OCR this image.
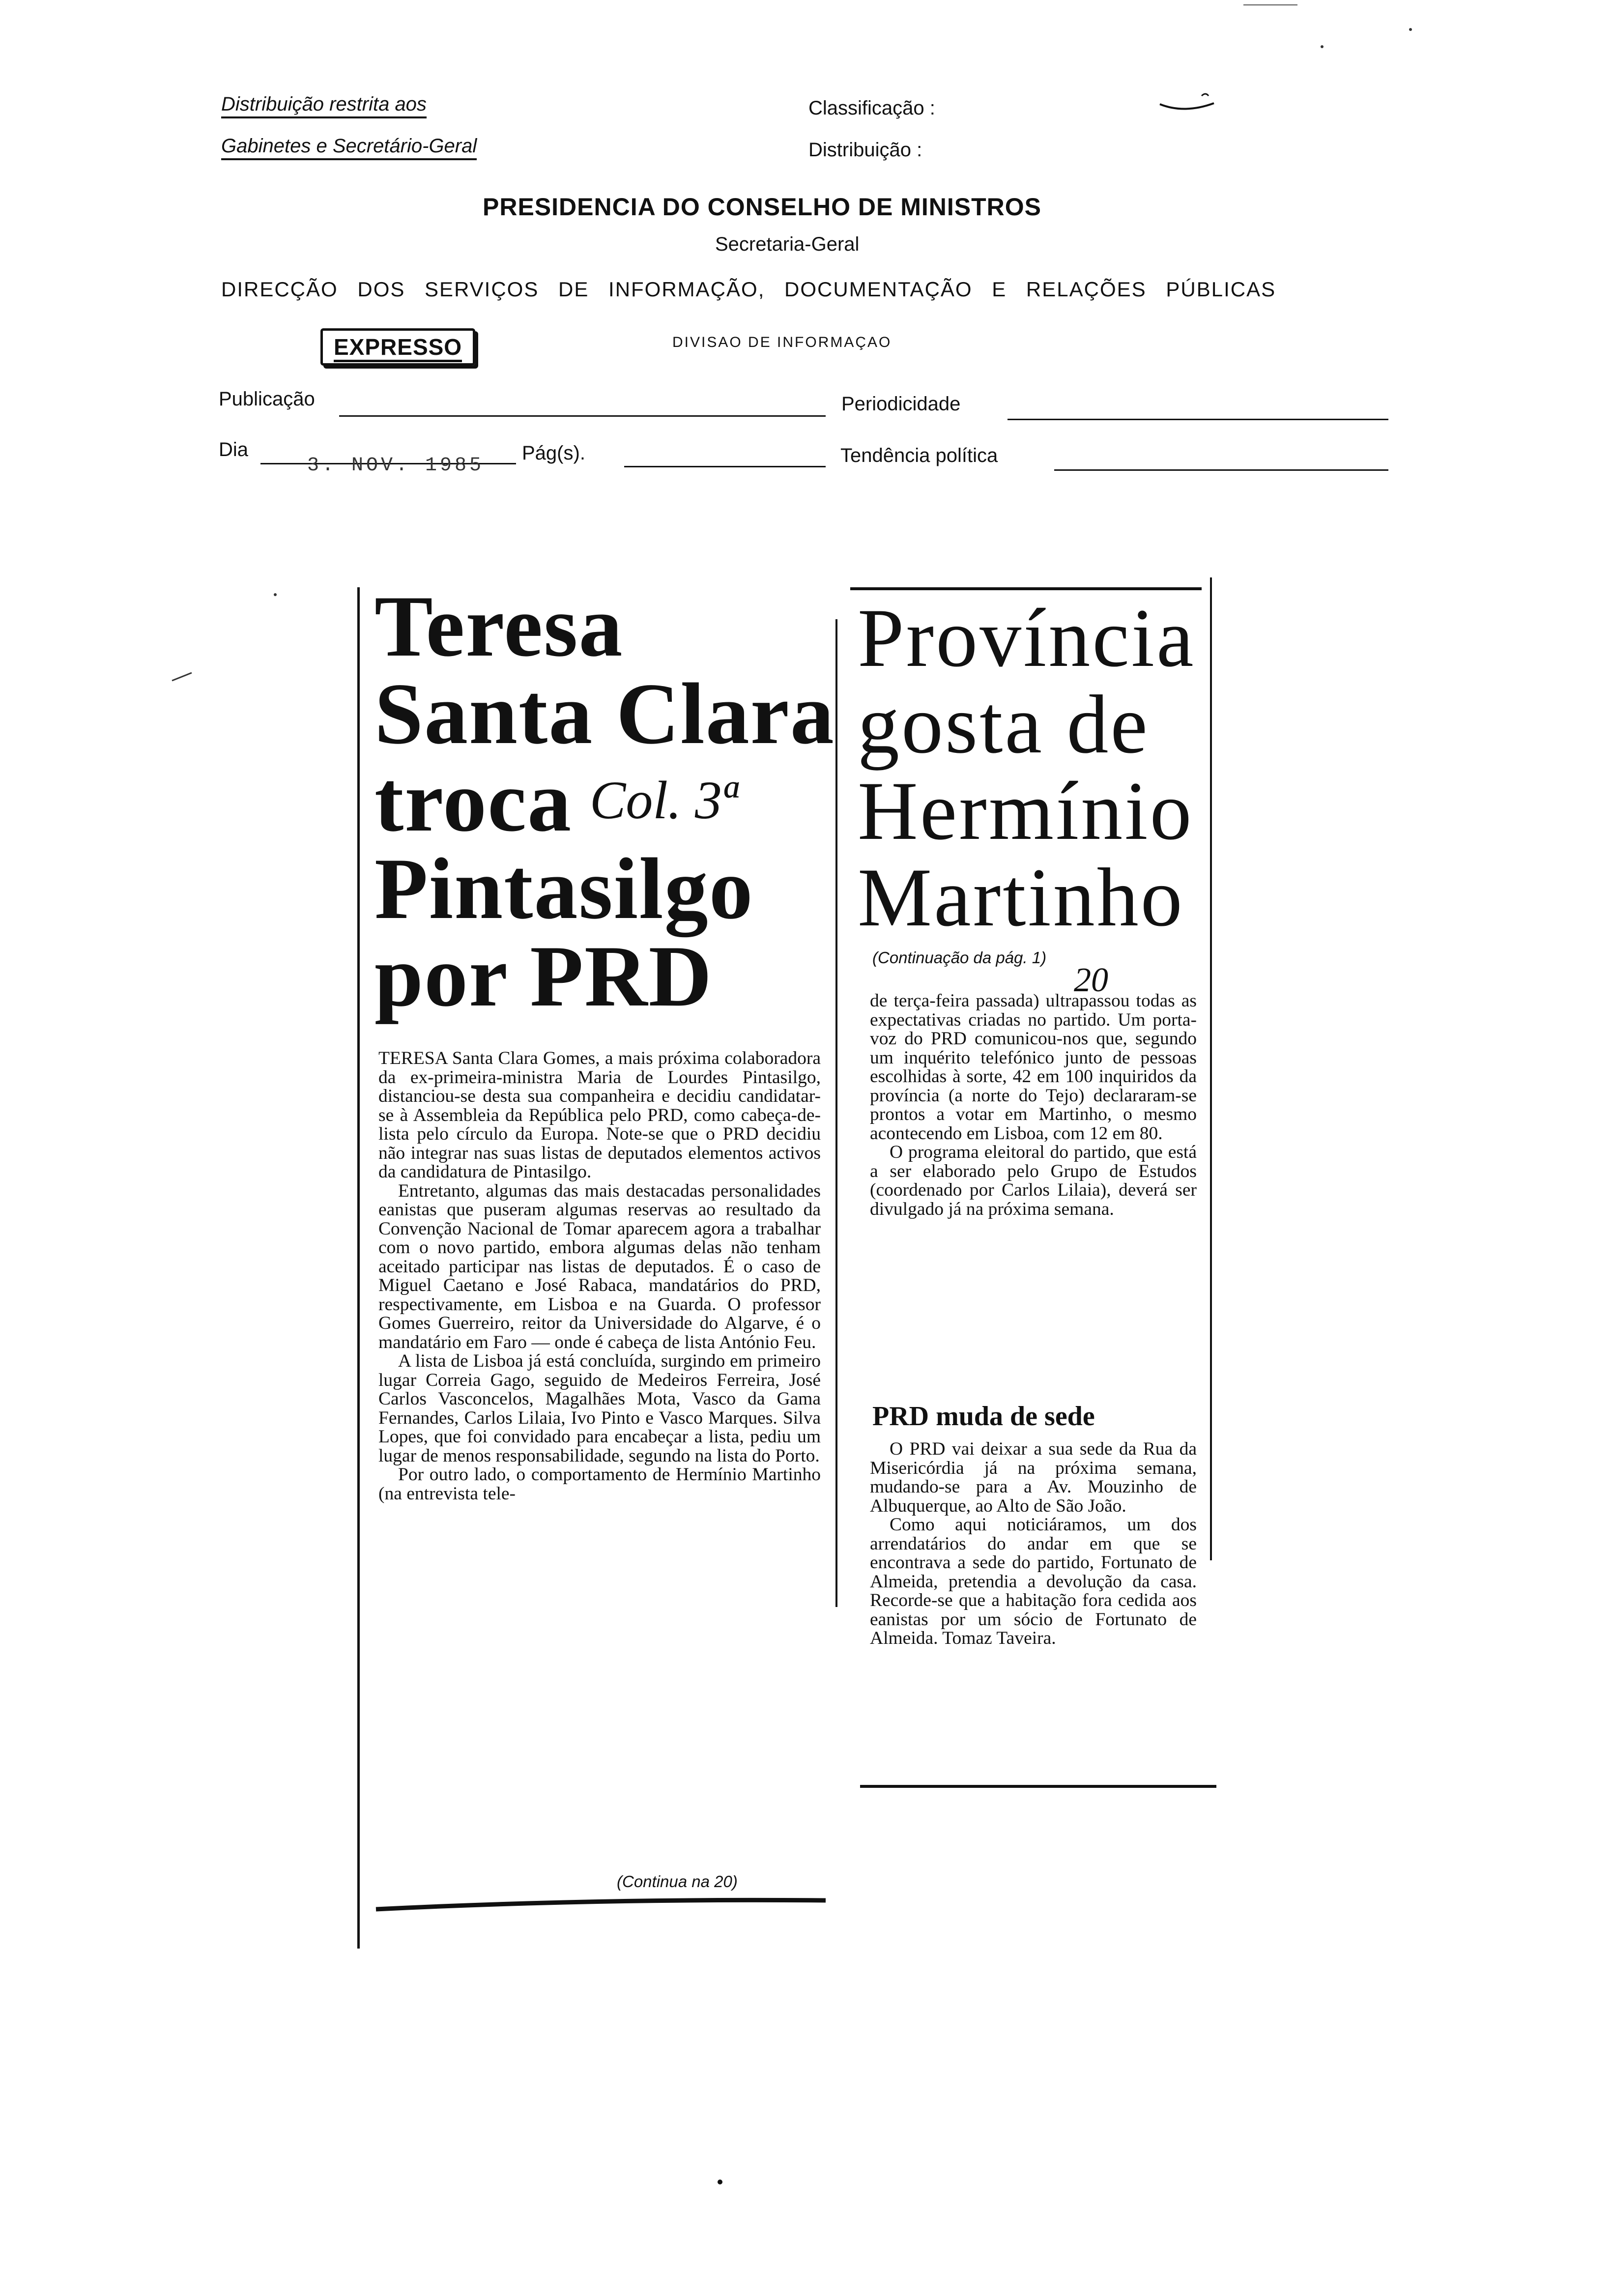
Distribuição restrita aos
Gabinetes e Secretário-Geral
Classificação :
Distribuição :
PRESIDENCIA DO CONSELHO DE MINISTROS
Secretaria-Geral
DIRECÇÃO DOS SERVIÇOS DE INFORMAÇÃO, DOCUMENTAÇÃO E RELAÇÕES PÚBLICAS
EXPRESSO	DIVISAO DE INFORMAÇAO
Publicação	Periodicidade
Dia
3. NOV. 1985
Pág(s).	Tendência política
Teresa
Santa Clara
troca
Pintasilgo
por PRD
Col. 3ª

TERESA Santa Clara Gomes, a mais próxima colaboradora da ex-primeira-ministra Maria de Lourdes Pintasilgo, distanciou-se desta sua companheira e decidiu candidatar-se à Assembleia da República pelo PRD, como cabeça-de-lista pelo círculo da Europa. Note-se que o PRD decidiu não integrar nas suas listas de deputados elementos activos da candidatura de Pintasilgo.

Entretanto, algumas das mais destacadas personalidades eanistas que puseram algumas reservas ao resultado da Convenção Nacional de Tomar aparecem agora a trabalhar com o novo partido, embora algumas delas não tenham aceitado participar nas listas de deputados. É o caso de Miguel Caetano e José Rabaca, mandatários do PRD, respectivamente, em Lisboa e na Guarda. O professor Gomes Guerreiro, reitor da Universidade do Algarve, é o mandatário em Faro — onde é cabeça de lista António Feu.

A lista de Lisboa já está concluída, surgindo em primeiro lugar Correia Gago, seguido de Medeiros Ferreira, José Carlos Vasconcelos, Magalhães Mota, Vasco da Gama Fernandes, Carlos Lilaia, Ivo Pinto e Vasco Marques. Silva Lopes, que foi convidado para encabeçar a lista, pediu um lugar de menos responsabilidade, segundo na lista do Porto.

Por outro lado, o comportamento de Hermínio Martinho (na entrevista tele-

(Continua na 20)
Província
gosta de
Hermínio
Martinho
(Continuação da pág. 1)
20

de terça-feira passada) ultrapassou todas as expectativas criadas no partido. Um porta-voz do PRD comunicou-nos que, segundo um inquérito telefónico junto de pessoas escolhidas à sorte, 42 em 100 inquiridos da província (a norte do Tejo) declararam-se prontos a votar em Martinho, o mesmo acontecendo em Lisboa, com 12 em 80.

O programa eleitoral do partido, que está a ser elaborado pelo Grupo de Estudos (coordenado por Carlos Lilaia), deverá ser divulgado já na próxima semana.

PRD muda de sede

O PRD vai deixar a sua sede da Rua da Misericórdia já na próxima semana, mudando-se para a Av. Mouzinho de Albuquerque, ao Alto de São João.

Como aqui noticiáramos, um dos arrendatários do andar em que se encontrava a sede do partido, Fortunato de Almeida, pretendia a devolução da casa. Recorde-se que a habitação fora cedida aos eanistas por um sócio de Fortunato de Almeida. Tomaz Taveira.
